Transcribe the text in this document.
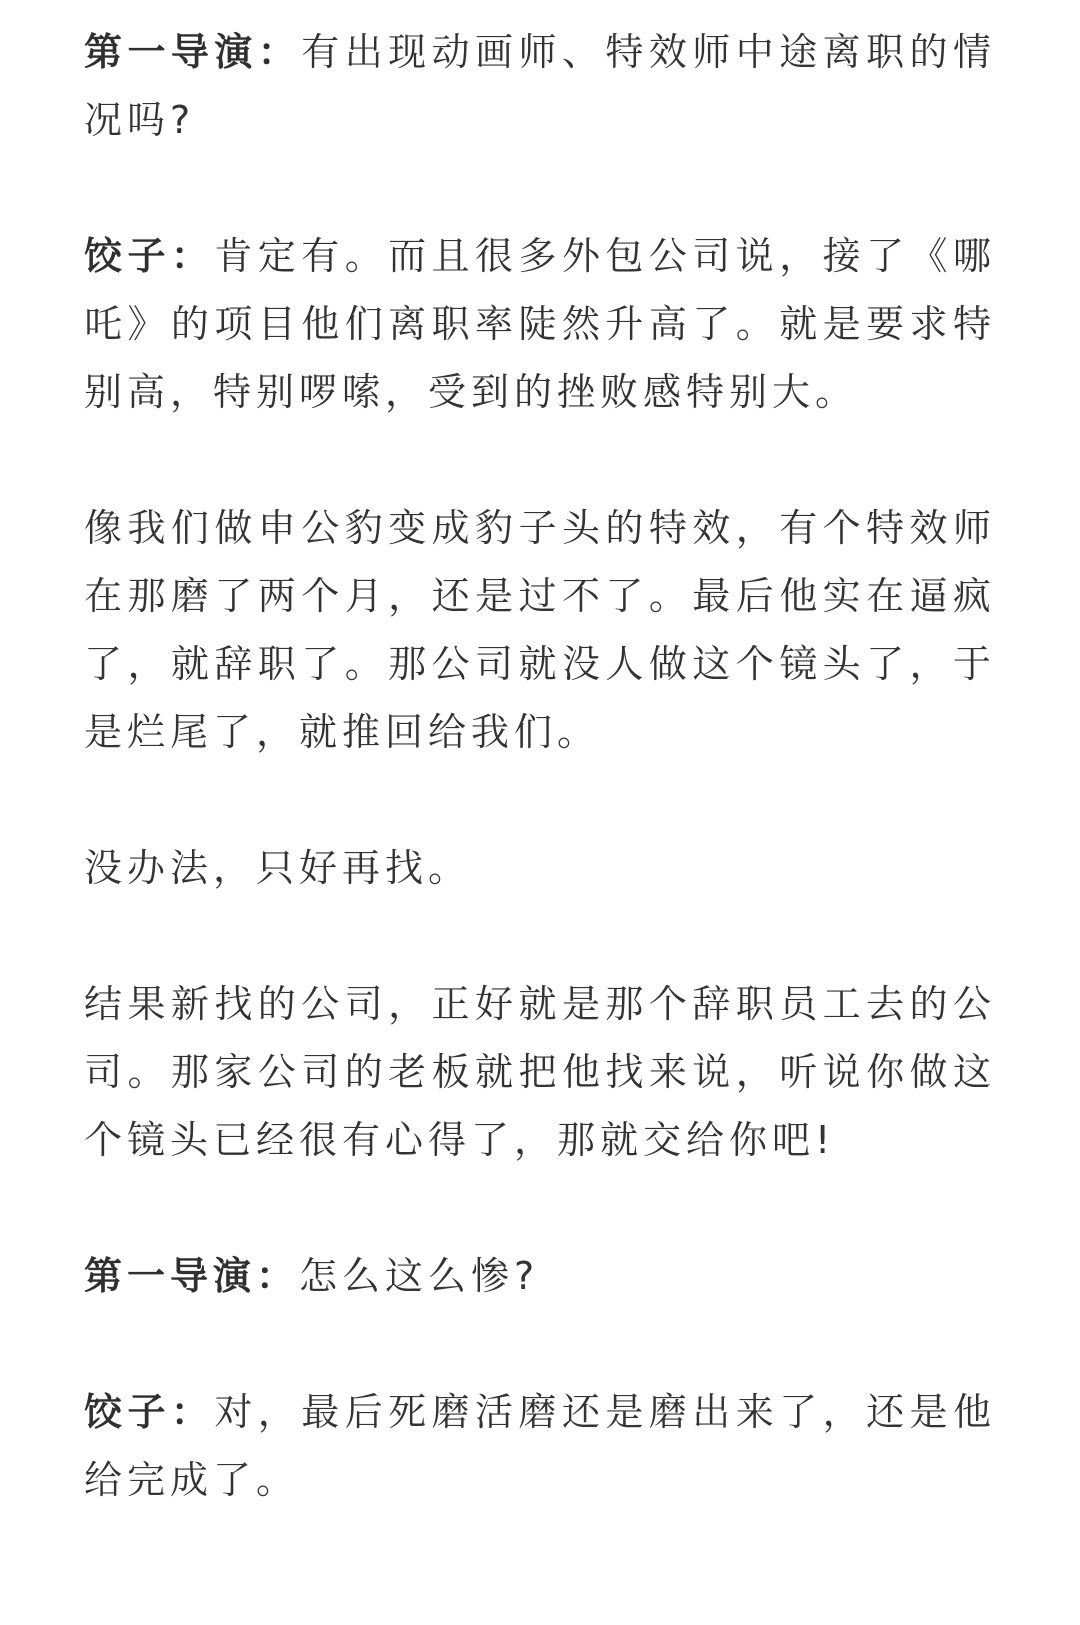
第一导演：有出现动画师、特效师中途离职的情况吗?

饺子：肯定有。而且很多外包公司说，接了《哪吒》的项目他们离职率陡然升高了。就是要求特别高，特别啰嗦，受到的挫败感特别大。

像我们做申公豹变成豹子头的特效，有个特效师在那磨了两个月，还是过不了。最后他实在逼疯了，就辞职了。那公司就没人做这个镜头了，于是烂尾了，就推回给我们。

没办法，只好再找。

结果新找的公司，正好就是那个辞职员工去的公司。那家公司的老板就把他找来说，听说你做这个镜头已经很有心得了，那就交给你吧!

第一导演：怎么这么惨?

饺子：对，最后死磨活磨还是磨出来了，还是他给完成了。
